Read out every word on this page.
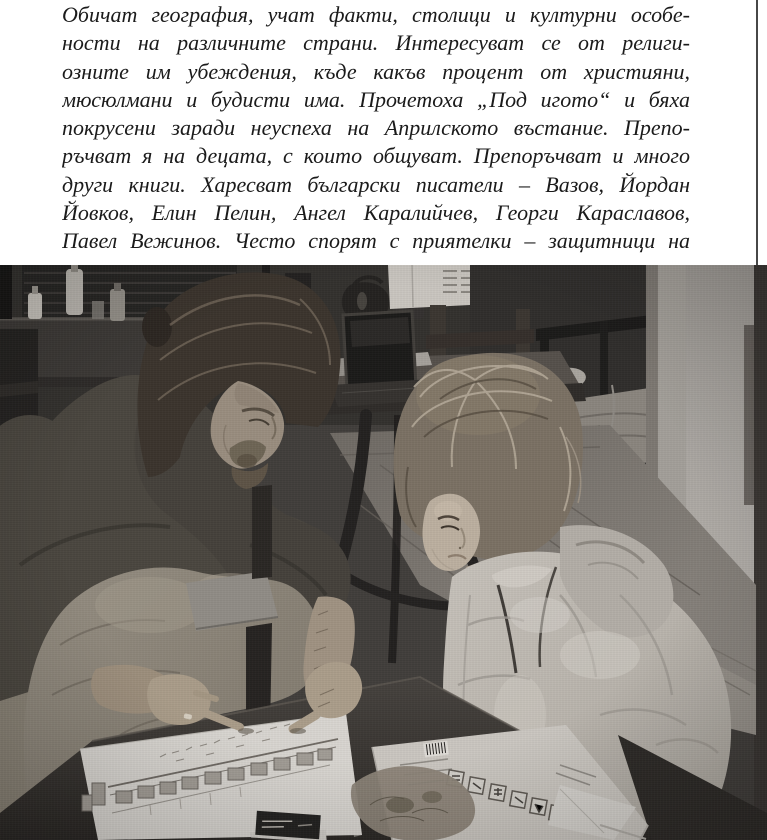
Обичат география, учат факти, столици и културни особе-
ности на различните страни. Интересуват се от религи-
озните им убеждения, къде какъв процент от християни,
мюсюлмани и будисти има. Прочетоха „Под игото“ и бяха
покрусени заради неуспеха на Априлското въстание. Препо-
ръчват я на децата, с които общуват. Препоръчват и много
други книги. Харесват български писатели – Вазов, Йордан
Йовков, Елин Пелин, Ангел Каралийчев, Георги Караславов,
Павел Вежинов. Често спорят с приятелки – защитници на
